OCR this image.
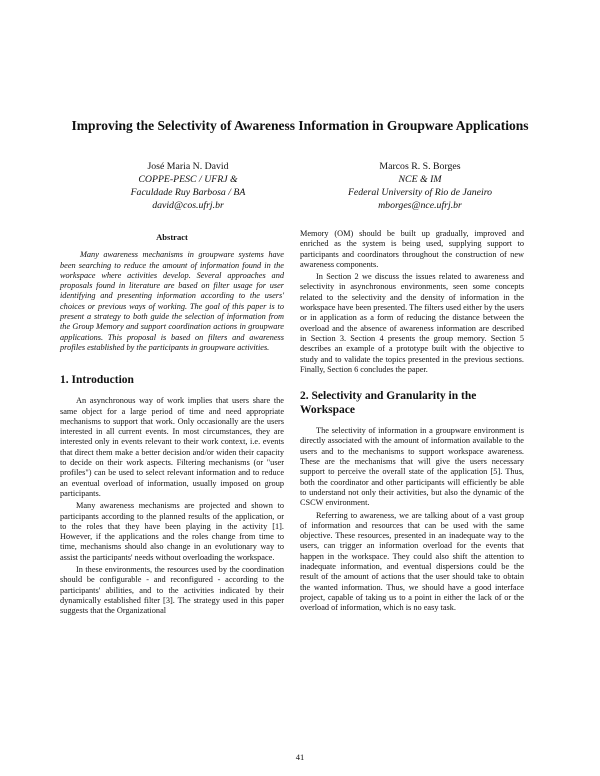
Improving the Selectivity of Awareness Information in Groupware Applications
José Maria N. David
COPPE-PESC / UFRJ &
Faculdade Ruy Barbosa / BA
david@cos.ufrj.br
Marcos R. S. Borges
NCE & IM
Federal University of Rio de Janeiro
mborges@nce.ufrj.br
Abstract

Many awareness mechanisms in groupware systems have been searching to reduce the amount of information found in the workspace where activities develop. Several approaches and proposals found in literature are based on filter usage for user identifying and presenting information according to the users' choices or previous ways of working. The goal of this paper is to present a strategy to both guide the selection of information from the Group Memory and support coordination actions in groupware applications. This proposal is based on filters and awareness profiles established by the participants in groupware activities.

1. Introduction

An asynchronous way of work implies that users share the same object for a large period of time and need appropriate mechanisms to support that work. Only occasionally are the users interested in all current events. In most circumstances, they are interested only in events relevant to their work context, i.e. events that direct them make a better decision and/or widen their capacity to decide on their work aspects. Filtering mechanisms (or "user profiles") can be used to select relevant information and to reduce an eventual overload of information, usually imposed on group participants.

Many awareness mechanisms are projected and shown to participants according to the planned results of the application, or to the roles that they have been playing in the activity [1]. However, if the applications and the roles change from time to time, mechanisms should also change in an evolutionary way to assist the participants' needs without overloading the workspace.

In these environments, the resources used by the coordination should be configurable - and reconfigured - according to the participants' abilities, and to the activities indicated by their dynamically established filter [3]. The strategy used in this paper suggests that the Organizational

Memory (OM) should be built up gradually, improved and enriched as the system is being used, supplying support to participants and coordinators throughout the construction of new awareness components.

In Section 2 we discuss the issues related to awareness and selectivity in asynchronous environments, seen some concepts related to the selectivity and the density of information in the workspace have been presented. The filters used either by the users or in application as a form of reducing the distance between the overload and the absence of awareness information are described in Section 3. Section 4 presents the group memory. Section 5 describes an example of a prototype built with the objective to study and to validate the topics presented in the previous sections. Finally, Section 6 concludes the paper.

2. Selectivity and Granularity in the Workspace

The selectivity of information in a groupware environment is directly associated with the amount of information available to the users and to the mechanisms to support workspace awareness. These are the mechanisms that will give the users necessary support to perceive the overall state of the application [5]. Thus, both the coordinator and other participants will efficiently be able to understand not only their activities, but also the dynamic of the CSCW environment.

Referring to awareness, we are talking about of a vast group of information and resources that can be used with the same objective. These resources, presented in an inadequate way to the users, can trigger an information overload for the events that happen in the workspace. They could also shift the attention to inadequate information, and eventual dispersions could be the result of the amount of actions that the user should take to obtain the wanted information. Thus, we should have a good interface project, capable of taking us to a point in either the lack of or the overload of information, which is no easy task.

41
